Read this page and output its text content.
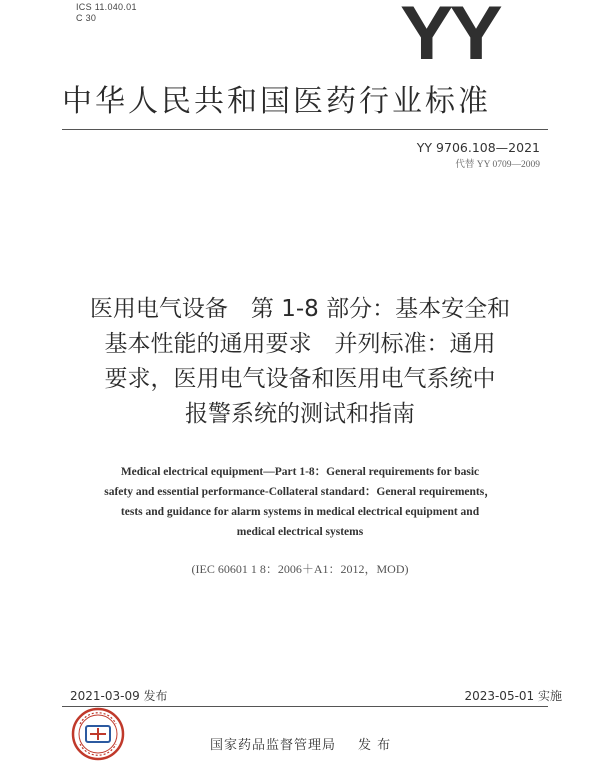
ICS 11.040.01
C 30	YY
中华人民共和国医药行业标准
YY 9706.108—2021
代替 YY 0709—2009
医用电气设备　第 1-8 部分：基本安全和
基本性能的通用要求　并列标准：通用
要求，医用电气设备和医用电气系统中
报警系统的测试和指南
Medical electrical equipment—Part 1-8：General requirements for basic
safety and essential performance-Collateral standard：General requirements，
tests and guidance for alarm systems in medical electrical equipment and
medical electrical systems
(IEC 60601 1 8：2006＋A1：2012，MOD)
2021-03-09 发布	2023-05-01 实施
国家药品监督管理局 发 布
